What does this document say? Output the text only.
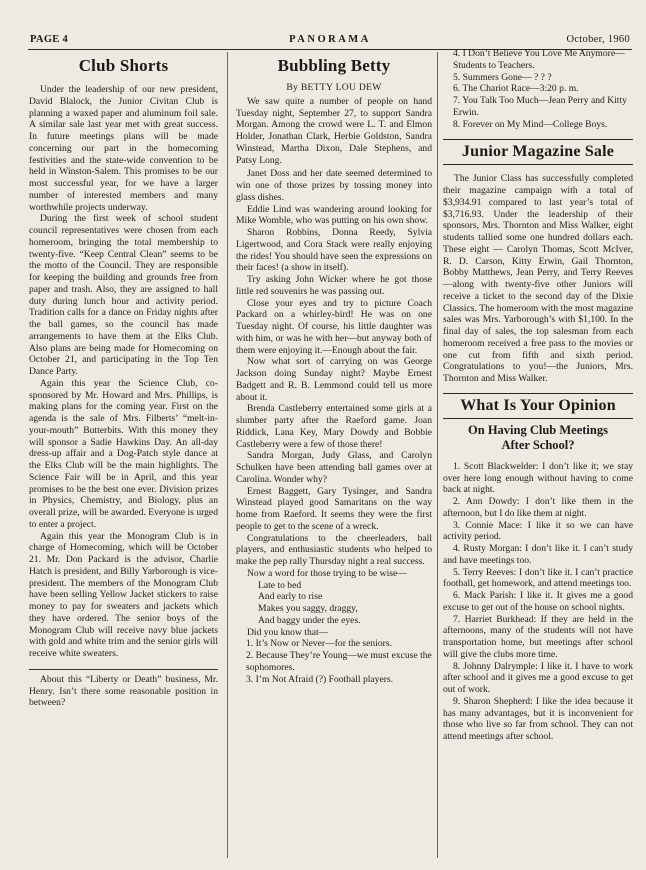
PAGE 4	PANORAMA	October, 1960
Club Shorts

Under the leadership of our new president, David Blalock, the Junior Civitan Club is planning a waxed paper and aluminum foil sale. A similar sale last year met with great success. In future meetings plans will be made concerning our part in the homecoming festivities and the state-wide convention to be held in Winston-Salem. This promises to be our most successful year, for we have a larger number of interested members and many worthwhile projects underway.

During the first week of school student council representatives were chosen from each homeroom, bringing the total membership to twenty-five. “Keep Central Clean” seems to be the motto of the Council. They are responsible for keeping the building and grounds free from paper and trash. Also, they are assigned to hall duty during lunch hour and activity period. Tradition calls for a dance on Friday nights after the ball games, so the council has made arrangements to have them at the Elks Club. Also plans are being made for Homecoming on October 21, and participating in the Top Ten Dance Party.

Again this year the Science Club, co-sponsored by Mr. Howard and Mrs. Phillips, is making plans for the coming year. First on the agenda is the sale of Mrs. Filberts’ “melt-in-your-mouth” Butterbits. With this money they will sponsor a Sadie Hawkins Day. An all-day dress-up affair and a Dog-Patch style dance at the Elks Club will be the main highlights. The Science Fair will be in April, and this year promises to be the best one ever. Division prizes in Physics, Chemistry, and Biology, plus an overall prize, will be awarded. Everyone is urged to enter a project.

Again this year the Monogram Club is in charge of Homecoming, which will be October 21. Mr. Don Packard is the advisor, Charlie Hatch is president, and Billy Yarborough is vice-president. The members of the Monogram Club have been selling Yellow Jacket stickers to raise money to pay for sweaters and jackets which they have ordered. The senior boys of the Monogram Club will receive navy blue jackets with gold and white trim and the senior girls will receive white sweaters.

About this “Liberty or Death” business, Mr. Henry. Isn’t there some reasonable position in between?

Bubbling Betty
By BETTY LOU DEW

We saw quite a number of people on hand Tuesday night, September 27, to support Sandra Morgan. Among the crowd were L. T. and Elmon Holder, Jonathan Clark, Herbie Goldston, Sandra Winstead, Martha Dixon, Dale Stephens, and Patsy Long.

Janet Doss and her date seemed determined to win one of those prizes by tossing money into glass dishes.

Eddie Lind was wandering around looking for Mike Womble, who was putting on his own show.

Sharon Robbins, Donna Reedy, Sylvia Ligertwood, and Cora Stack were really enjoying the rides! You should have seen the expressions on their faces! (a show in itself).

Try asking John Wicker where he got those little red souvenirs he was passing out.

Close your eyes and try to picture Coach Packard on a whirley-bird! He was on one Tuesday night. Of course, his little daughter was with him, or was he with her—but anyway both of them were enjoying it.—Enough about the fair.

Now what sort of carrying on was George Jackson doing Sunday night? Maybe Ernest Badgett and R. B. Lemmond could tell us more about it.

Brenda Castleberry entertained some girls at a slumber party after the Raeford game. Joan Riddick, Lana Key, Mary Dowdy and Bobbie Castleberry were a few of those there!

Sandra Morgan, Judy Glass, and Carolyn Schulken have been attending ball games over at Carolina. Wonder why?

Ernest Baggett, Gary Tysinger, and Sandra Winstead played good Samaritans on the way home from Raeford. It seems they were the first people to get to the scene of a wreck.

Congratulations to the cheerleaders, ball players, and enthusiastic students who helped to make the pep rally Thursday night a real success.

Now a word for those trying to be wise—

Late to bed

And early to rise

Makes you saggy, draggy,

And baggy under the eyes.

Did you know that—

1. It’s Now or Never—for the seniors.

2. Because They’re Young—we must excuse the sophomores.

3. I’m Not Afraid (?) Football players.

4. I Don’t Believe You Love Me Anymore—Students to Teachers.

5. Summers Gone— ? ? ?

6. The Chariot Race—3:20 p. m.

7. You Talk Too Much—Jean Perry and Kitty Erwin.

8. Forever on My Mind—College Boys.

Junior Magazine Sale

The Junior Class has successfully completed their magazine campaign with a total of $3,934.91 compared to last year’s total of $3,716.93. Under the leadership of their sponsors, Mrs. Thornton and Miss Walker, eight students tallied some one hundred dollars each. These eight — Carolyn Thomas, Scott McIver, R. D. Carson, Kitty Erwin, Gail Thornton, Bobby Matthews, Jean Perry, and Terry Reeves—along with twenty-five other Juniors will receive a ticket to the second day of the Dixie Classics. The homeroom with the most magazine sales was Mrs. Yarborough’s with $1,100. In the final day of sales, the top salesman from each homeroom received a free pass to the movies or one cut from fifth and sixth period. Congratulations to you!—the Juniors, Mrs. Thornton and Miss Walker.

What Is Your Opinion
On Having Club Meetings
After School?

1. Scott Blackwelder: I don’t like it; we stay over here long enough without having to come back at night.

2. Ann Dowdy: I don’t like them in the afternoon, but I do like them at night.

3. Connie Mace: I like it so we can have activity period.

4. Rusty Morgan: I don’t like it. I can’t study and have meetings too.

5. Terry Reeves: I don’t like it. I can’t practice football, get homework, and attend meetings too.

6. Mack Parish: I like it. It gives me a good excuse to get out of the house on school nights.

7. Harriet Burkhead: If they are held in the afternoons, many of the students will not have transportation home, but meetings after school will give the clubs more time.

8. Johnny Dalrymple: I like it. I have to work after school and it gives me a good excuse to get out of work.

9. Sharon Shepherd: I like the idea because it has many advantages, but it is inconvenient for those who live so far from school. They can not attend meetings after school.
